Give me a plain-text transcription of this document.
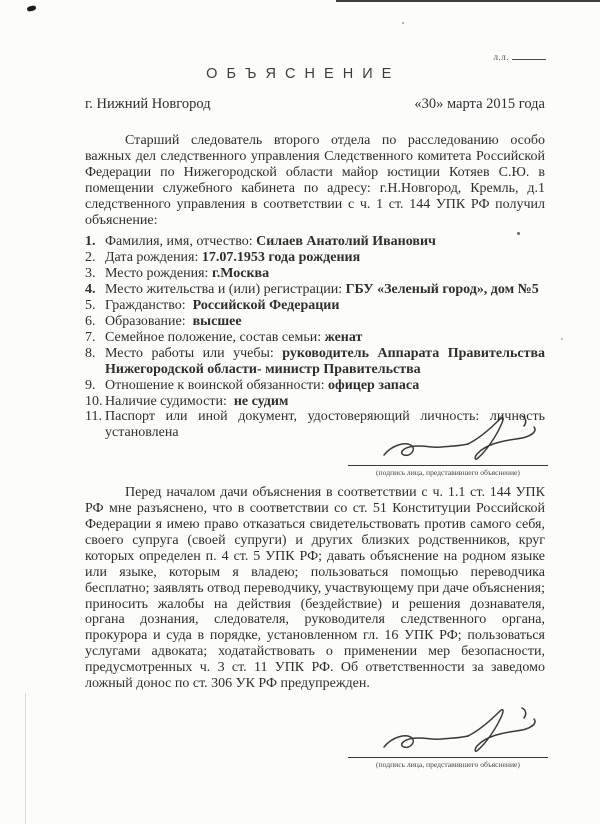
л.л.
О Б Ъ Я С Н Е Н И Е
г. Нижний Новгород	«30» марта 2015 года

Старший следователь второго отдела по расследованию особо важных дел следственного управления Следственного комитета Российской Федерации по Нижегородской области майор юстиции Котяев С.Ю. в помещении служебного кабинета по адресу: г.Н.Новгород, Кремль, д.1 следственного управления в соответствии с ч. 1 ст. 144 УПК РФ получил объяснение:

1. Фамилия, имя, отчество: Силаев Анатолий Иванович

2. Дата рождения: 17.07.1953 года рождения

3. Место рождения: г.Москва

4. Место жительства и (или) регистрации: ГБУ «Зеленый город», дом №5

5. Гражданство: Российской Федерации

6. Образование: высшее

7. Семейное положение, состав семьи: женат

8. Место работы или учебы: руководитель Аппарата Правительства Нижегородской области- министр Правительства

9. Отношение к воинской обязанности: офицер запаса

10. Наличие судимости: не судим

11. Паспорт или иной документ, удостоверяющий личность: личность установлена

Перед началом дачи объяснения в соответствии с ч. 1.1 ст. 144 УПК РФ мне разъяснено, что в соответствии со ст. 51 Конституции Российской Федерации я имею право отказаться свидетельствовать против самого себя, своего супруга (своей супруги) и других близких родственников, круг которых определен п. 4 ст. 5 УПК РФ; давать объяснение на родном языке или языке, которым я владею; пользоваться помощью переводчика бесплатно; заявлять отвод переводчику, участвующему при даче объяснения; приносить жалобы на действия (бездействие) и решения дознавателя, органа дознания, следователя, руководителя следственного органа, прокурора и суда в порядке, установленном гл. 16 УПК РФ; пользоваться услугами адвоката; ходатайствовать о применении мер безопасности, предусмотренных ч. 3 ст. 11 УПК РФ. Об ответственности за заведомо ложный донос по ст. 306 УК РФ предупрежден.

(подпись лица, представившего объяснение)
(подпись лица, представившего объяснение)
